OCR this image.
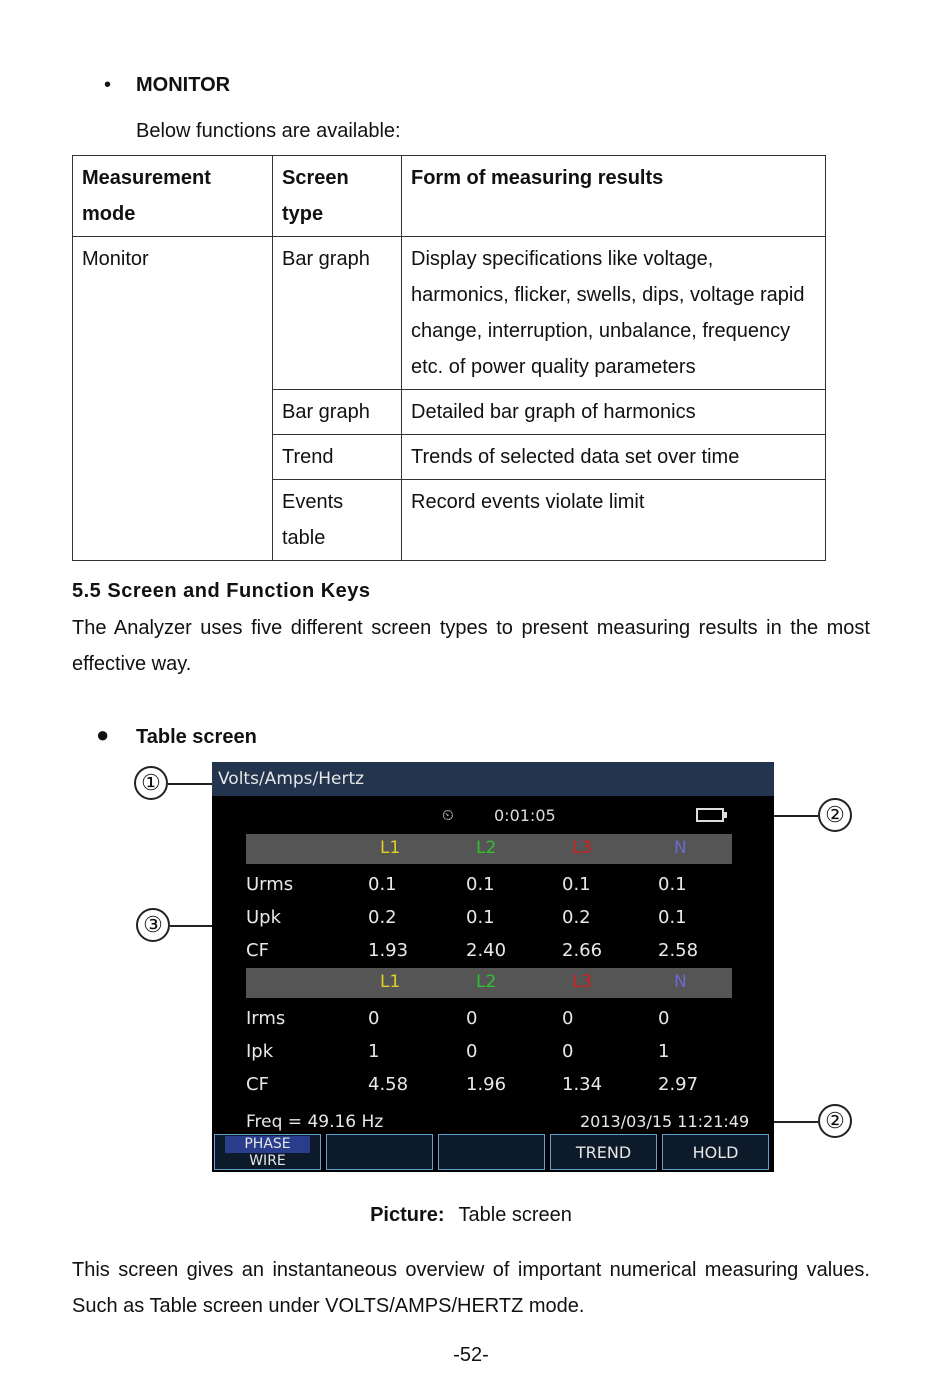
• MONITOR
Below functions are available:
Measurement mode	Screen type	Form of measuring results
Monitor	Bar graph	Display specifications like voltage, harmonics, flicker, swells, dips, voltage rapid change, interruption, unbalance, frequency etc. of power quality parameters
	Bar graph	Detailed bar graph of harmonics
	Trend	Trends of selected data set over time
	Events table	Record events violate limit
5.5 Screen and Function Keys
The Analyzer uses five different screen types to present measuring results in the most effective way.
● Table screen
①
②
③
②
Volts/Amps/Hertz
⏲	0:01:05
L1	L2	L3	N
Urms	0.1	0.1	0.1	0.1
Upk	0.2	0.1	0.2	0.1
CF	1.93	2.40	2.66	2.58
L1	L2	L3	N
Irms	0	0	0	0
Ipk	1	0	0	1
CF	4.58	1.96	1.34	2.97
Freq = 49.16 Hz	2013/03/15 11:21:49
PHASE
WIRE	TREND	HOLD
Picture: Table screen
This screen gives an instantaneous overview of important numerical measuring values. Such as Table screen under VOLTS/AMPS/HERTZ mode.
-52-
